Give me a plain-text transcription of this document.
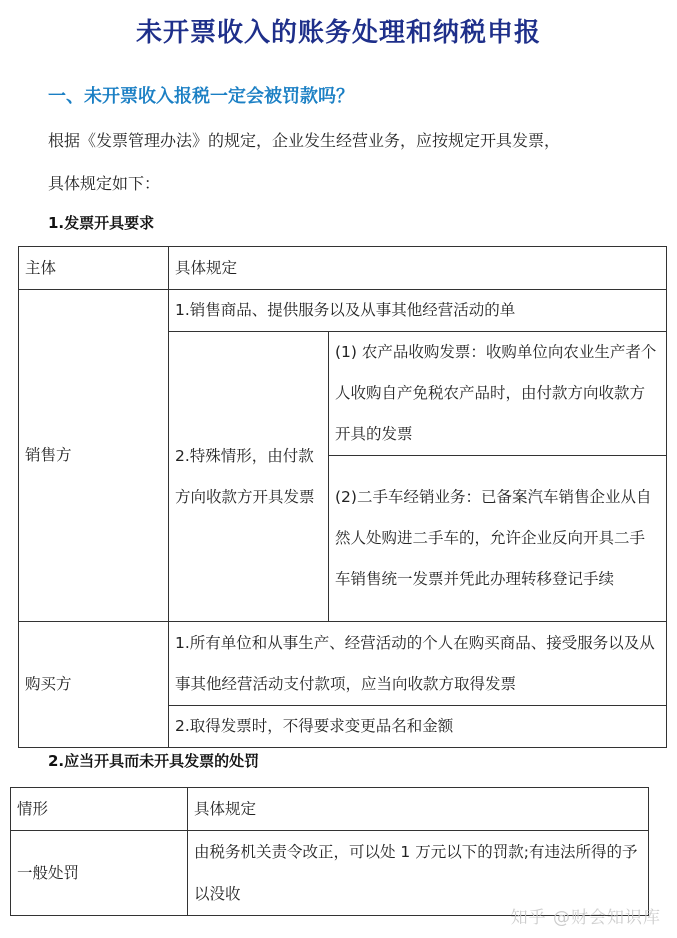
未开票收入的账务处理和纳税申报
一、未开票收入报税一定会被罚款吗？
根据《发票管理办法》的规定，企业发生经营业务，应按规定开具发票，
具体规定如下：
1.发票开具要求
主体	具体规定	
销售方	1.销售商品、提供服务以及从事其他经营活动的单	
	2.特殊情形，由付款方向收款方开具发票	(1) 农产品收购发票：收购单位向农业生产者个人收购自产免税农产品时，由付款方向收款方开具的发票
		(2)二手车经销业务：已备案汽车销售企业从自然人处购进二手车的，允许企业反向开具二手车销售统一发票并凭此办理转移登记手续
购买方	1.所有单位和从事生产、经营活动的个人在购买商品、接受服务以及从事其他经营活动支付款项，应当向收款方取得发票	
	2.取得发票时，不得要求变更品名和金额	
2.应当开具而未开具发票的处罚
情形	具体规定
一般处罚	由税务机关责令改正，可以处 1 万元以下的罚款;有违法所得的予以没收
知乎 @财会知识库
